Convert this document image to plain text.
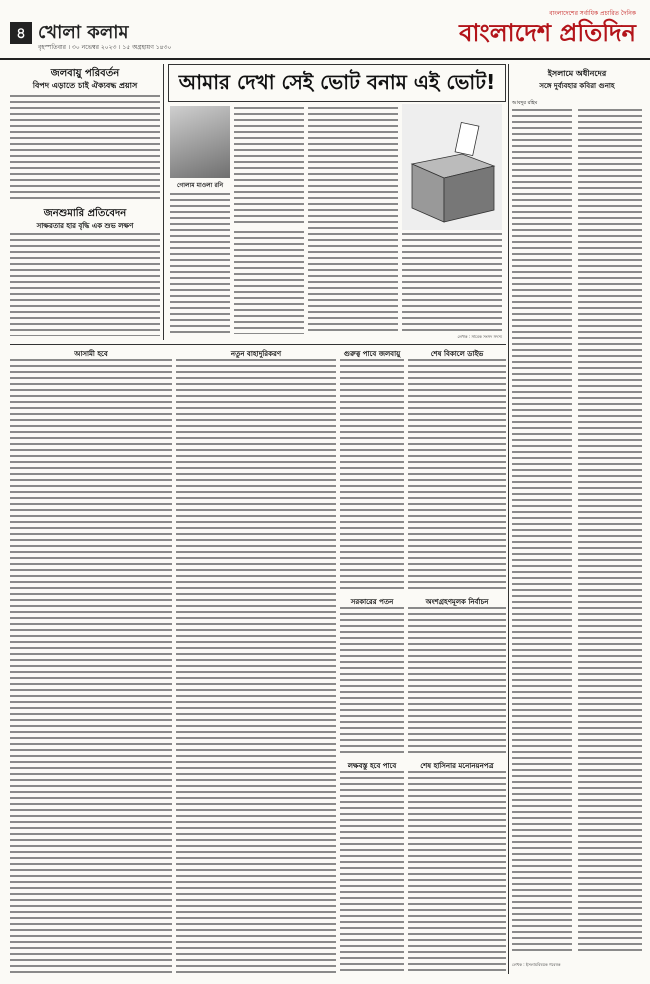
৪ খোলা কলাম
বৃহস্পতিবার । ৩০ নভেম্বর ২০২৩ । ১৫ অগ্রহায়ণ ১৪৩০
বাংলাদেশের সর্বাধিক প্রচারিত দৈনিক
বাংলাদেশ প্রতিদিন
জলবায়ু পরিবর্তন
বিপদ এড়াতে চাই ঐক্যবদ্ধ প্রয়াস
জনশুমারি প্রতিবেদন
সাক্ষরতার হার বৃদ্ধি এক শুভ লক্ষণ
আমার দেখা সেই ভোট বনাম এই ভোট!
গোলাম মাওলা রনি
লেখক : সাবেক সংসদ সদস্য
ইসলামে অধীনদের
সঙ্গে দুর্ব্যবহার কবিরা গুনাহ
আবদুর রহিম
লেখক : ইসলামবিষয়ক গবেষক
আসামী হবে	নতুন বাহাদুরিকরণ	গুরুত্ব পাবে জলবায়ু	শেষ বিকালে ডাইভ
সরকারের পতন	অংশগ্রহণমূলক নির্বাচন
লক্ষবস্তু হবে পাবে	শেষ হাসিনার মনোনয়নপত্র
